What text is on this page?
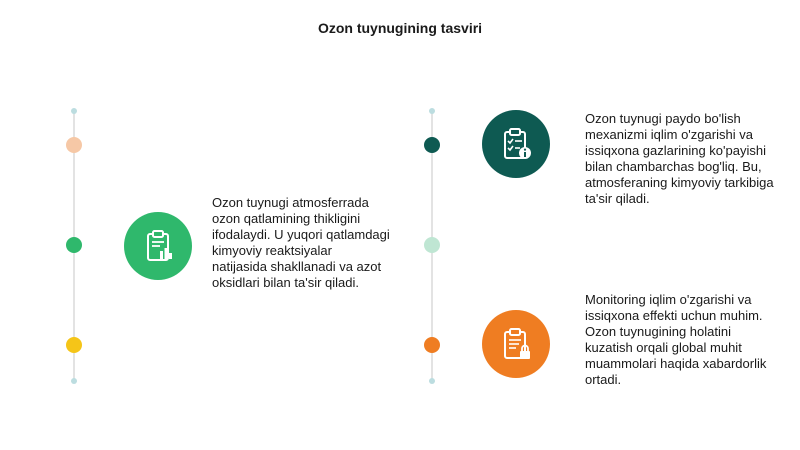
Ozon tuynugining tasviri
Ozon tuynugi atmosferrada ozon qatlamining thikligini ifodalaydi. U yuqori qatlamdagi kimyoviy reaktsiyalar natijasida shakllanadi va azot oksidlari bilan ta'sir qiladi.
Ozon tuynugi paydo bo'lish mexanizmi iqlim o'zgarishi va issiqxona gazlarining ko'payishi bilan chambarchas bog'liq. Bu, atmosferaning kimyoviy tarkibiga ta'sir qiladi.
Monitoring iqlim o'zgarishi va issiqxona effekti uchun muhim. Ozon tuynugining holatini kuzatish orqali global muhit muammolari haqida xabardorlik ortadi.
